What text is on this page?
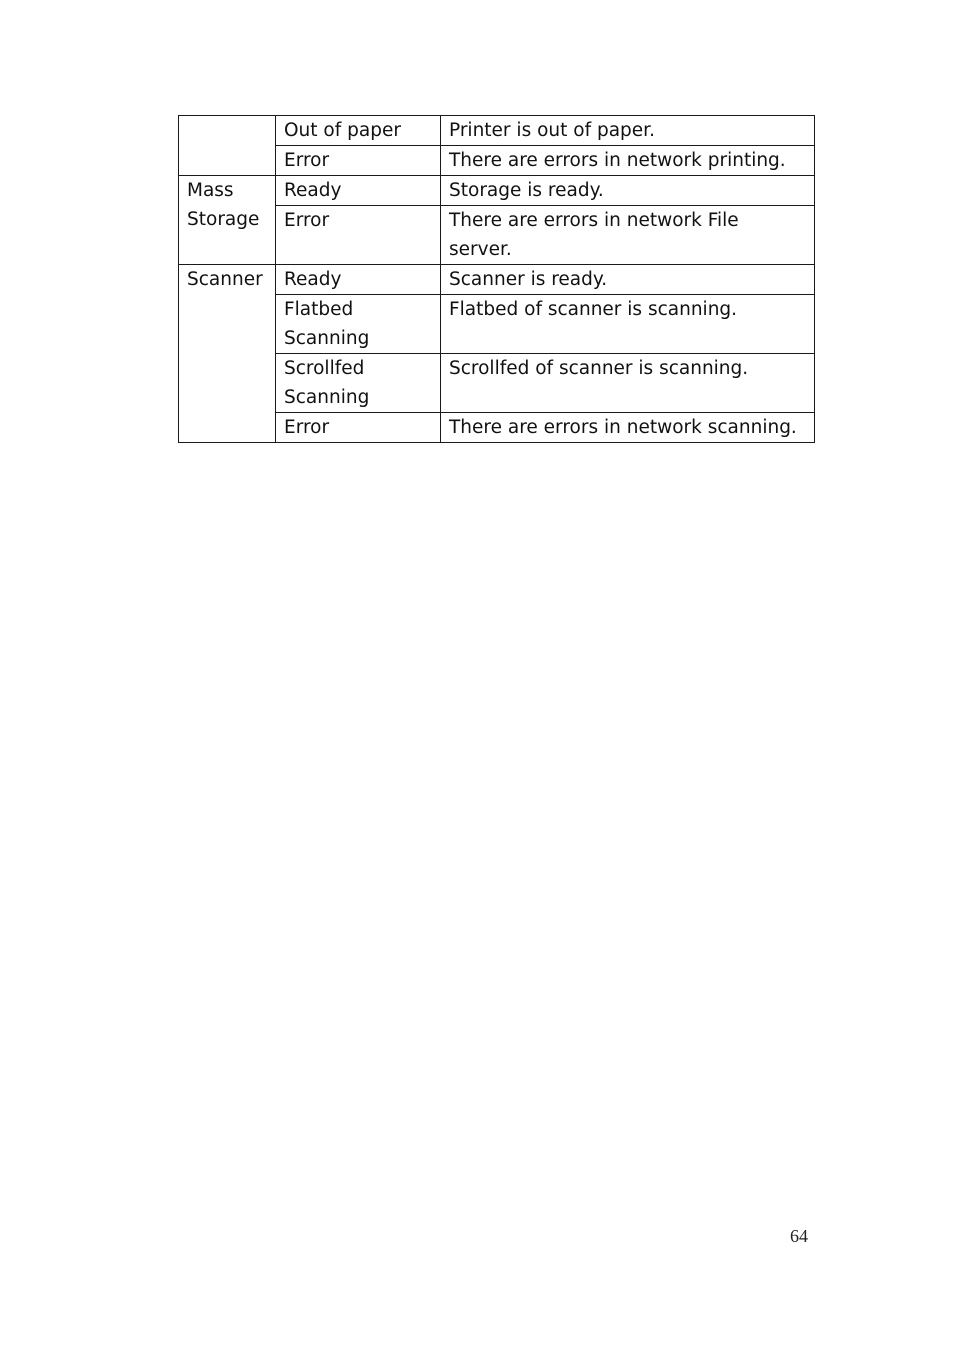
	Out of paper	Printer is out of paper.
	Error	There are errors in network printing.
Mass Storage	Ready	Storage is ready.
	Error	There are errors in network File server.
Scanner	Ready	Scanner is ready.
	Flatbed Scanning	Flatbed of scanner is scanning.
	Scrollfed Scanning	Scrollfed of scanner is scanning.
	Error	There are errors in network scanning.
64
